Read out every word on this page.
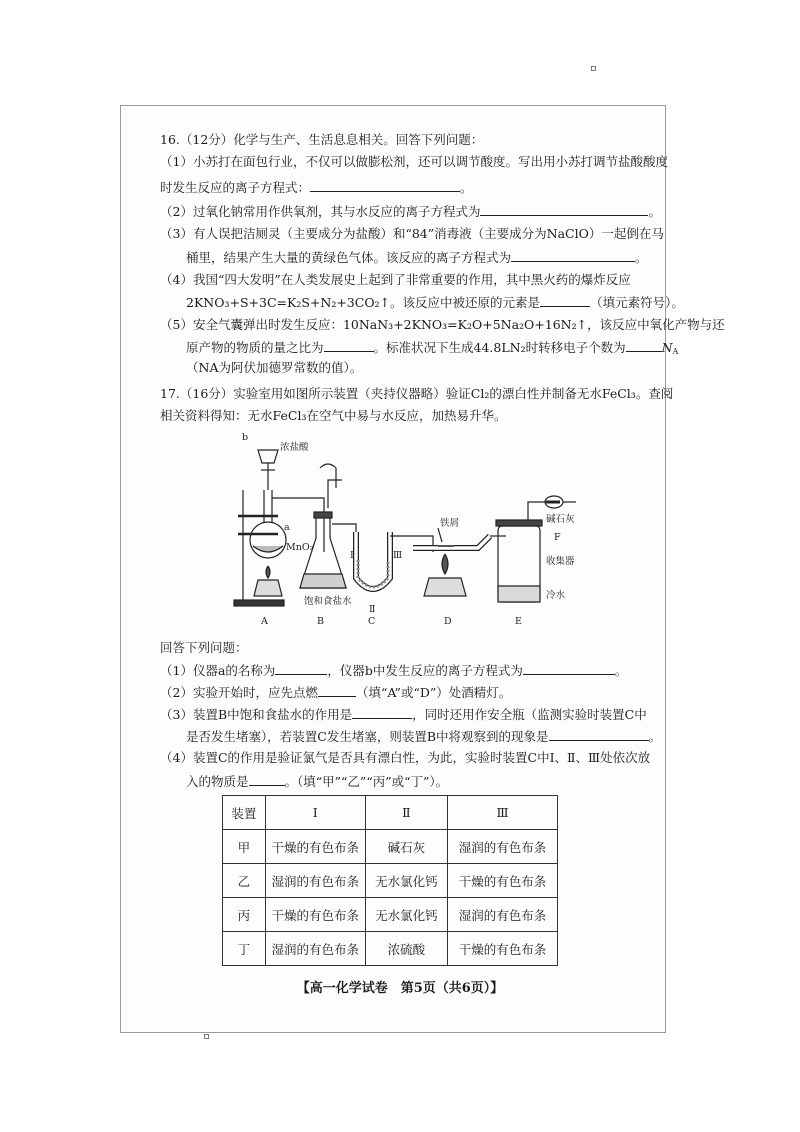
16.（12分）化学与生产、生活息息相关。回答下列问题：
（1）小苏打在面包行业，不仅可以做膨松剂，还可以调节酸度。写出用小苏打调节盐酸酸度
时发生反应的离子方程式：	。
（2）过氧化钠常用作供氧剂，其与水反应的离子方程式为	。
（3）有人误把洁厕灵（主要成分为盐酸）和“84”消毒液（主要成分为NaClO）一起倒在马
桶里，结果产生大量的黄绿色气体。该反应的离子方程式为	。
（4）我国“四大发明”在人类发展史上起到了非常重要的作用，其中黑火药的爆炸反应
2KNO₃+S+3C=K₂S+N₂+3CO₂↑。该反应中被还原的元素是	（填元素符号）。
（5）安全气囊弹出时发生反应：10NaN₃+2KNO₃=K₂O+5Na₂O+16N₂↑，该反应中氧化产物与还
原产物的物质的量之比为	。标准状况下生成44.8LN₂时转移电子个数为	$N_A$
（NA为阿伏加德罗常数的值）。
17.（16分）实验室用如图所示装置（夹持仪器略）验证Cl₂的漂白性并制备无水FeCl₃。查阅
相关资料得知：无水FeCl₃在空气中易与水反应，加热易升华。
b
浓盐酸
a
MnO₂
饱和食盐水
Ⅰ
Ⅱ
Ⅲ
铁屑	碱石灰
F
收集器
冷水
A	B	C	D	E
回答下列问题：
（1）仪器a的名称为	，仪器b中发生反应的离子方程式为	。
（2）实验开始时，应先点燃	（填“A”或“D”）处酒精灯。
（3）装置B中饱和食盐水的作用是	，同时还用作安全瓶（监测实验时装置C中
是否发生堵塞），若装置C发生堵塞，则装置B中将观察到的现象是	。
（4）装置C的作用是验证氯气是否具有漂白性，为此，实验时装置C中Ⅰ、Ⅱ、Ⅲ处依次放
入的物质是	。（填“甲”“乙”“丙”或“丁”）。
装置	Ⅰ	Ⅱ	Ⅲ
甲	干燥的有色布条	碱石灰	湿润的有色布条
乙	湿润的有色布条	无水氯化钙	干燥的有色布条
丙	干燥的有色布条	无水氯化钙	湿润的有色布条
丁	湿润的有色布条	浓硫酸	干燥的有色布条
【高一化学试卷　第5页（共6页）】
